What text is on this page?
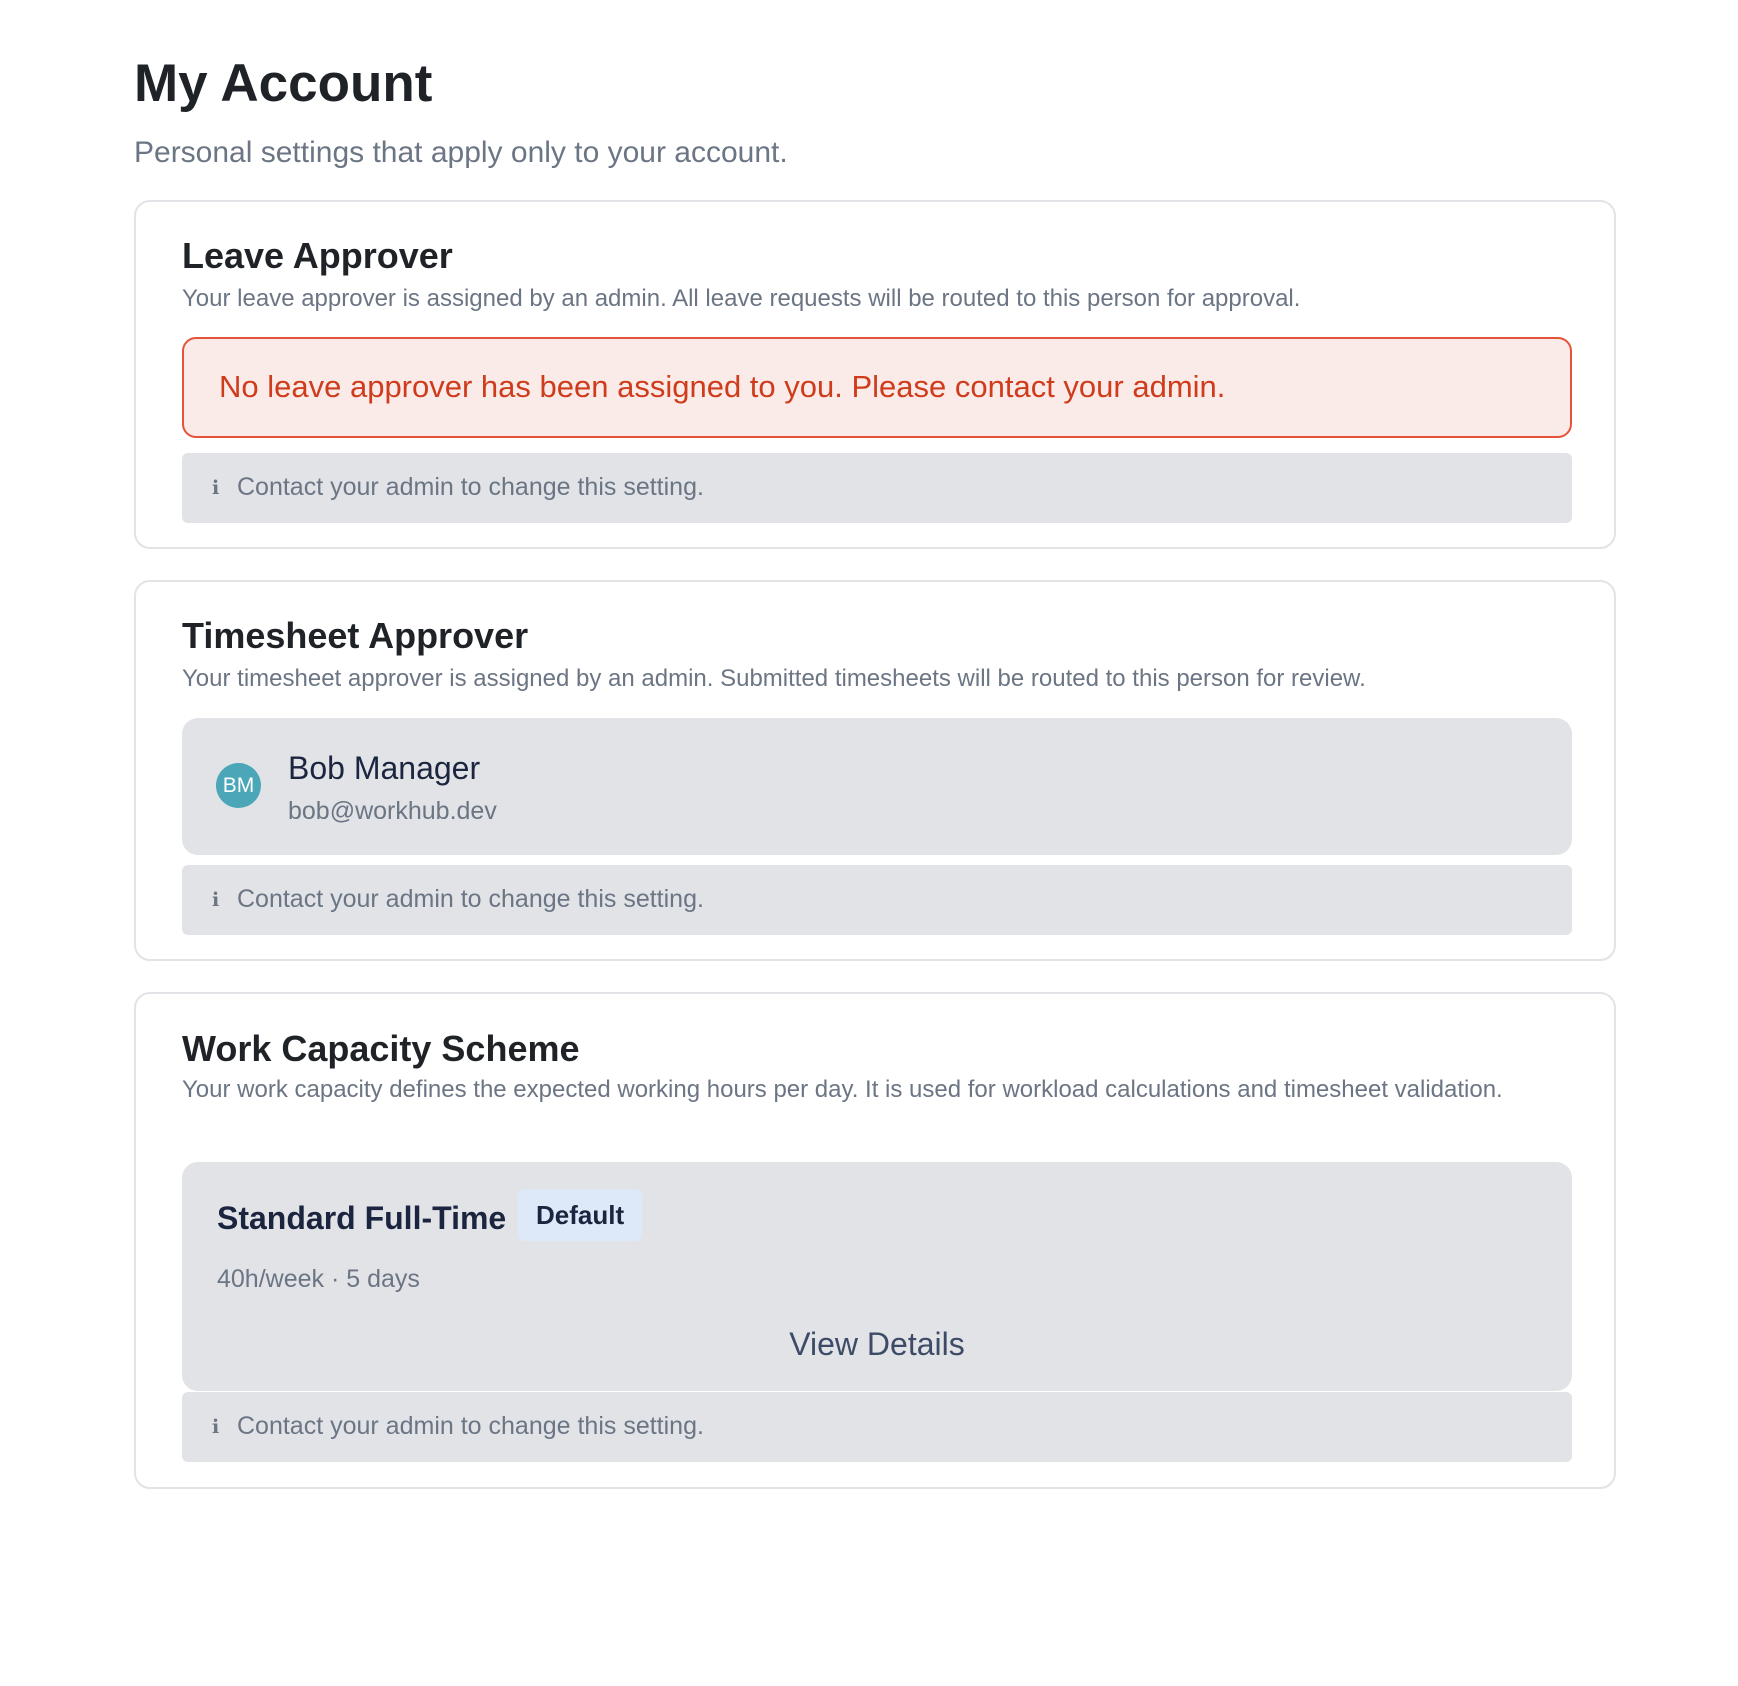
My Account

Personal settings that apply only to your account.

Leave Approver

Your leave approver is assigned by an admin. All leave requests will be routed to this person for approval.

No leave approver has been assigned to you. Please contact your admin.
i Contact your admin to change this setting.
Timesheet Approver

Your timesheet approver is assigned by an admin. Submitted timesheets will be routed to this person for review.

BM Bob Manager
bob@workhub.dev
i Contact your admin to change this setting.
Work Capacity Scheme

Your work capacity defines the expected working hours per day. It is used for workload calculations and timesheet validation.

Standard Full-Time	Default
40h/week · 5 days
View Details
i Contact your admin to change this setting.
